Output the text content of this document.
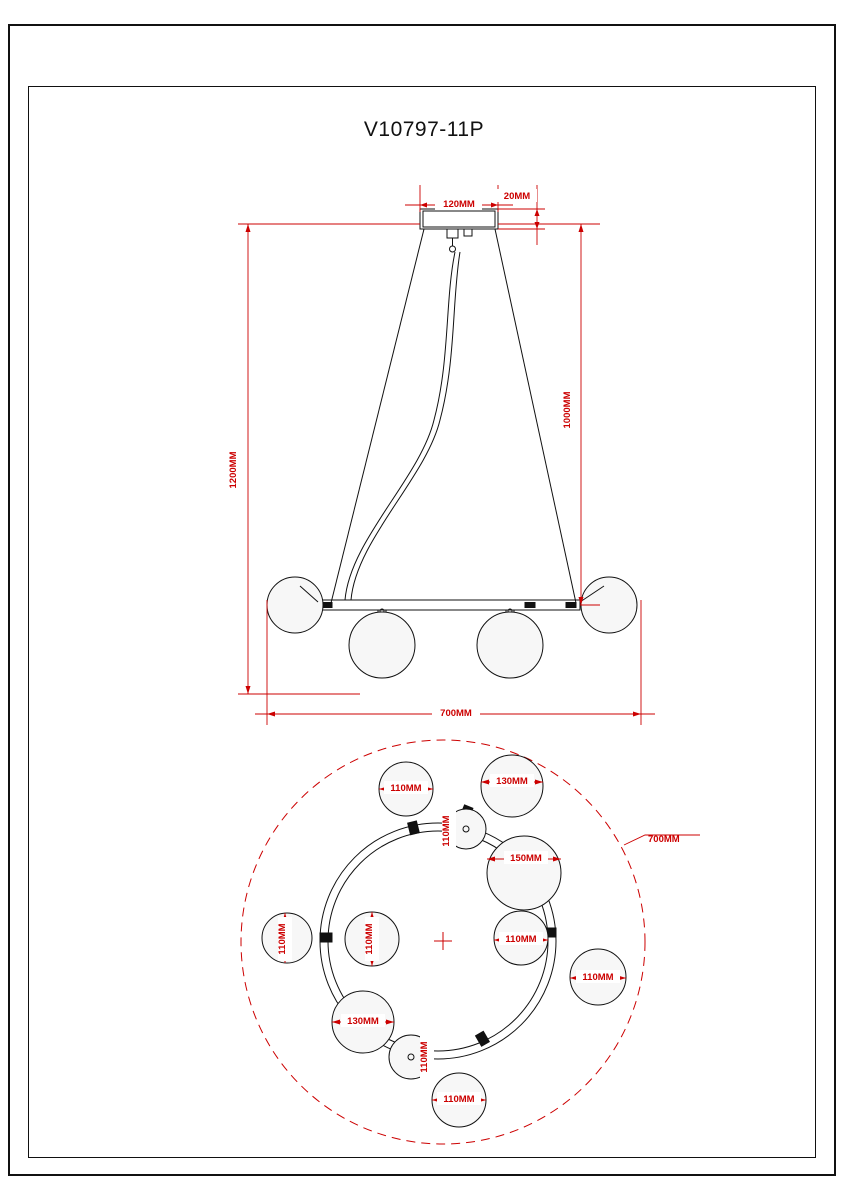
V10797-11P
120MM
20MM
1200MM
1000MM
700MM
110MM
130MM
110MM
150MM
110MM	110MM	110MM
110MM
130MM
110MM
110MM
700MM
